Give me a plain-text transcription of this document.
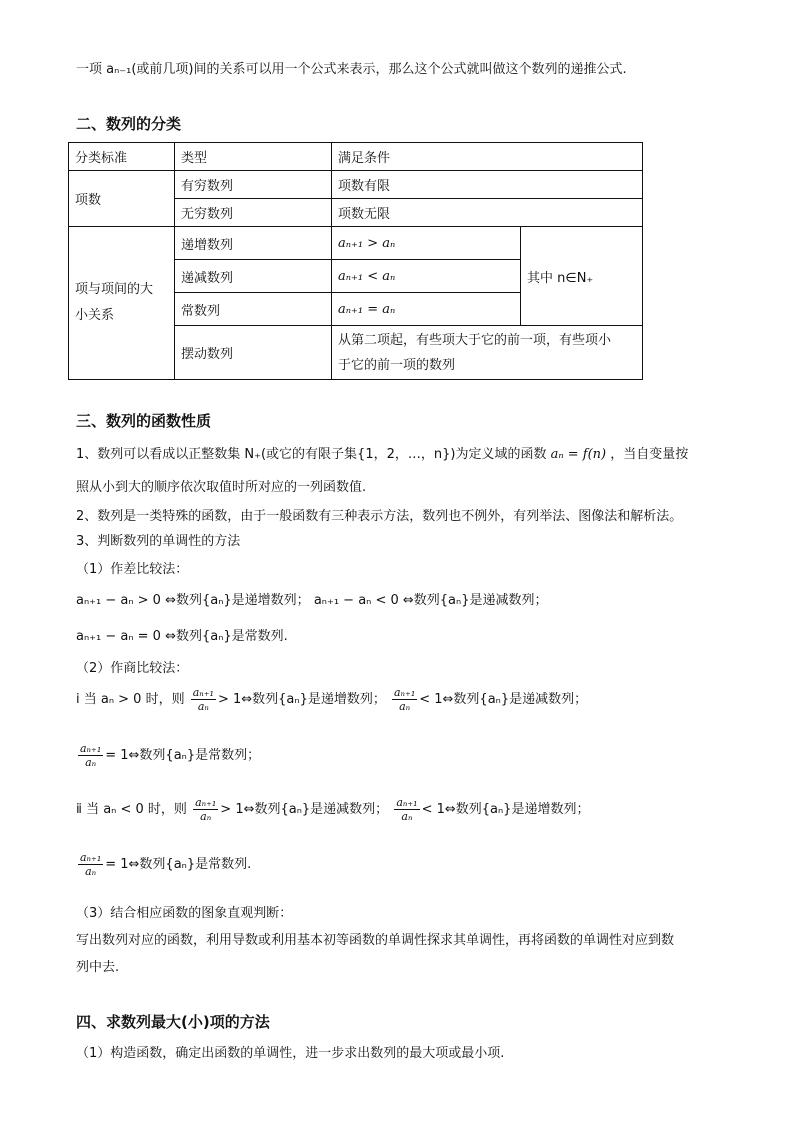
一项 aₙ₋₁(或前几项)间的关系可以用一个公式来表示，那么这个公式就叫做这个数列的递推公式.
二、数列的分类
分类标准	类型	满足条件	
项数	有穷数列	项数有限	
	无穷数列	项数无限	
项与项间的大
小关系	递增数列	aₙ₊₁ > aₙ	其中 n∈N₊
	递减数列	aₙ₊₁ < aₙ	
	常数列	aₙ₊₁ = aₙ	
	摆动数列	从第二项起，有些项大于它的前一项，有些项小
于它的前一项的数列	
三、数列的函数性质
1、数列可以看成以正整数集 N₊(或它的有限子集{1，2，…，n})为定义域的函数 aₙ = f(n) ，当自变量按
照从小到大的顺序依次取值时所对应的一列函数值.
2、数列是一类特殊的函数，由于一般函数有三种表示方法，数列也不例外，有列举法、图像法和解析法。
3、判断数列的单调性的方法
（1）作差比较法：
aₙ₊₁ − aₙ > 0 ⇔数列{aₙ}是递增数列； aₙ₊₁ − aₙ < 0 ⇔数列{aₙ}是递减数列；
aₙ₊₁ − aₙ = 0 ⇔数列{aₙ}是常数列.
（2）作商比较法：
ⅰ 当 aₙ > 0 时，则 $\frac{\text{aₙ₊₁}}{\text{aₙ}}$ > 1⇔数列{aₙ}是递增数列； $\frac{\text{aₙ₊₁}}{\text{aₙ}}$ < 1⇔数列{aₙ}是递减数列；
$\frac{\text{aₙ₊₁}}{\text{aₙ}}$ = 1⇔数列{aₙ}是常数列；
ⅱ 当 aₙ < 0 时，则 $\frac{\text{aₙ₊₁}}{\text{aₙ}}$ > 1⇔数列{aₙ}是递减数列； $\frac{\text{aₙ₊₁}}{\text{aₙ}}$ < 1⇔数列{aₙ}是递增数列；
$\frac{\text{aₙ₊₁}}{\text{aₙ}}$ = 1⇔数列{aₙ}是常数列.
（3）结合相应函数的图象直观判断：
写出数列对应的函数，利用导数或利用基本初等函数的单调性探求其单调性，再将函数的单调性对应到数
列中去.
四、求数列最大(小)项的方法
（1）构造函数，确定出函数的单调性，进一步求出数列的最大项或最小项.
